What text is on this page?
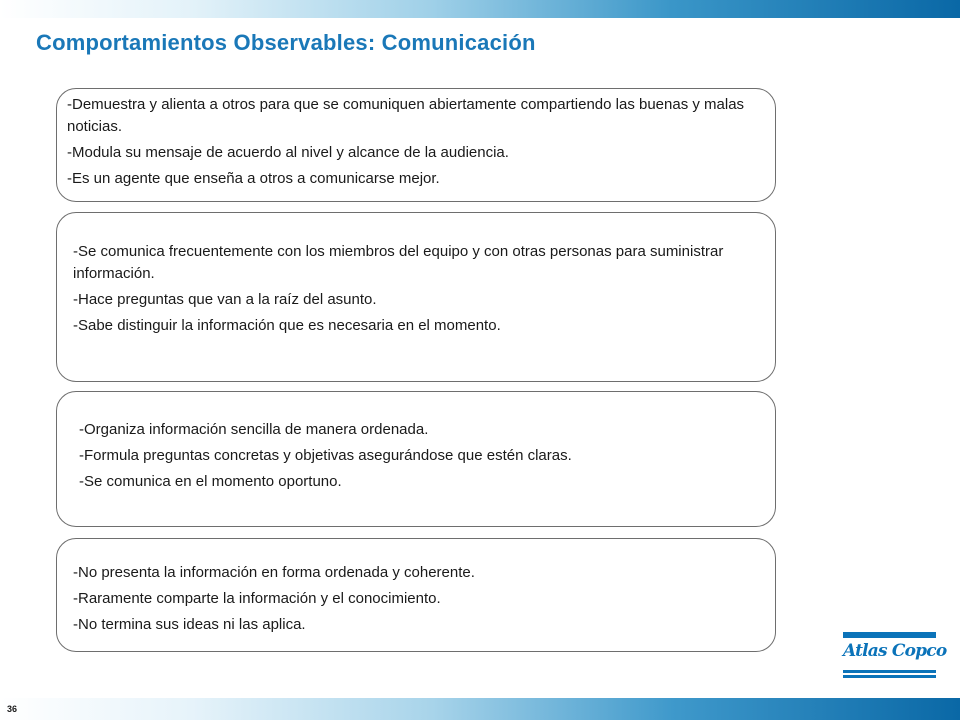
Comportamientos Observables: Comunicación

-Demuestra y alienta a otros para que se comuniquen abiertamente compartiendo las buenas y malas noticias.

-Modula su mensaje de acuerdo al nivel y alcance de la audiencia.

-Es un agente que enseña a otros a comunicarse mejor.

-Se comunica frecuentemente con los miembros del equipo y con otras personas para suministrar información.

-Hace preguntas que van a la raíz del asunto.

-Sabe distinguir la información que es necesaria en el momento.

-Organiza información sencilla de manera ordenada.

-Formula preguntas concretas y objetivas asegurándose que estén claras.

-Se comunica en el momento oportuno.

-No presenta la información en forma ordenada y coherente.

-Raramente comparte la información y el conocimiento.

-No termina sus ideas ni las aplica.

Atlas Copco
36
